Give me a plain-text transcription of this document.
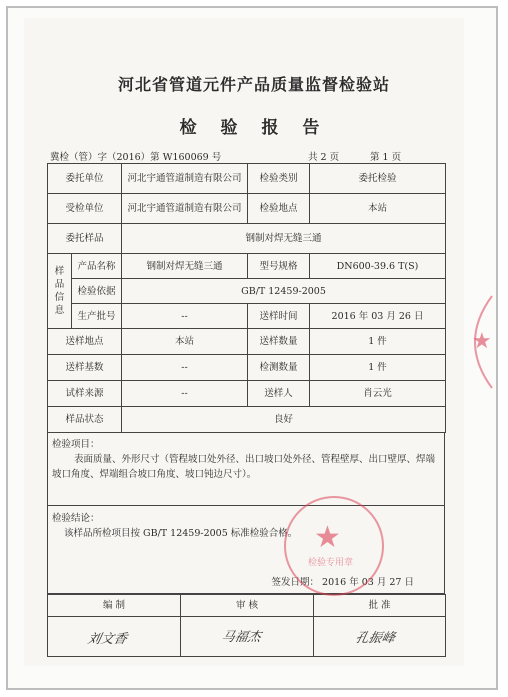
河北省管道元件产品质量监督检验站
检 验 报 告
冀检（管）字（2016）第 W160069 号	共 2 页	第 1 页
委托单位		河北宇通管道制造有限公司	检验类别	委托检验
受检单位		河北宇通管道制造有限公司	检验地点	本站
委托样品		钢制对焊无缝三通		
样品信息	产品名称	钢制对焊无缝三通	型号规格	DN600-39.6 T(S)
	检验依据	GB/T 12459-2005		
	生产批号	--	送样时间	2016 年 03 月 26 日
送样地点		本站	送样数量	1 件
送样基数		--	检测数量	1 件
试样来源		--	送样人	肖云光
样品状态		良好		
检验项目：
表面质量、外形尺寸（管程坡口处外径、出口坡口处外径、管程壁厚、出口壁厚、焊端坡口角度、焊端组合坡口角度、坡口钝边尺寸）。
检验结论：
该样品所检项目按 GB/T 12459-2005 标准检验合格。
签发日期： 2016 年 03 月 27 日
编 制	审 核	批 准

刘文香	马福杰	孔振峰
★
检验专用章
★
